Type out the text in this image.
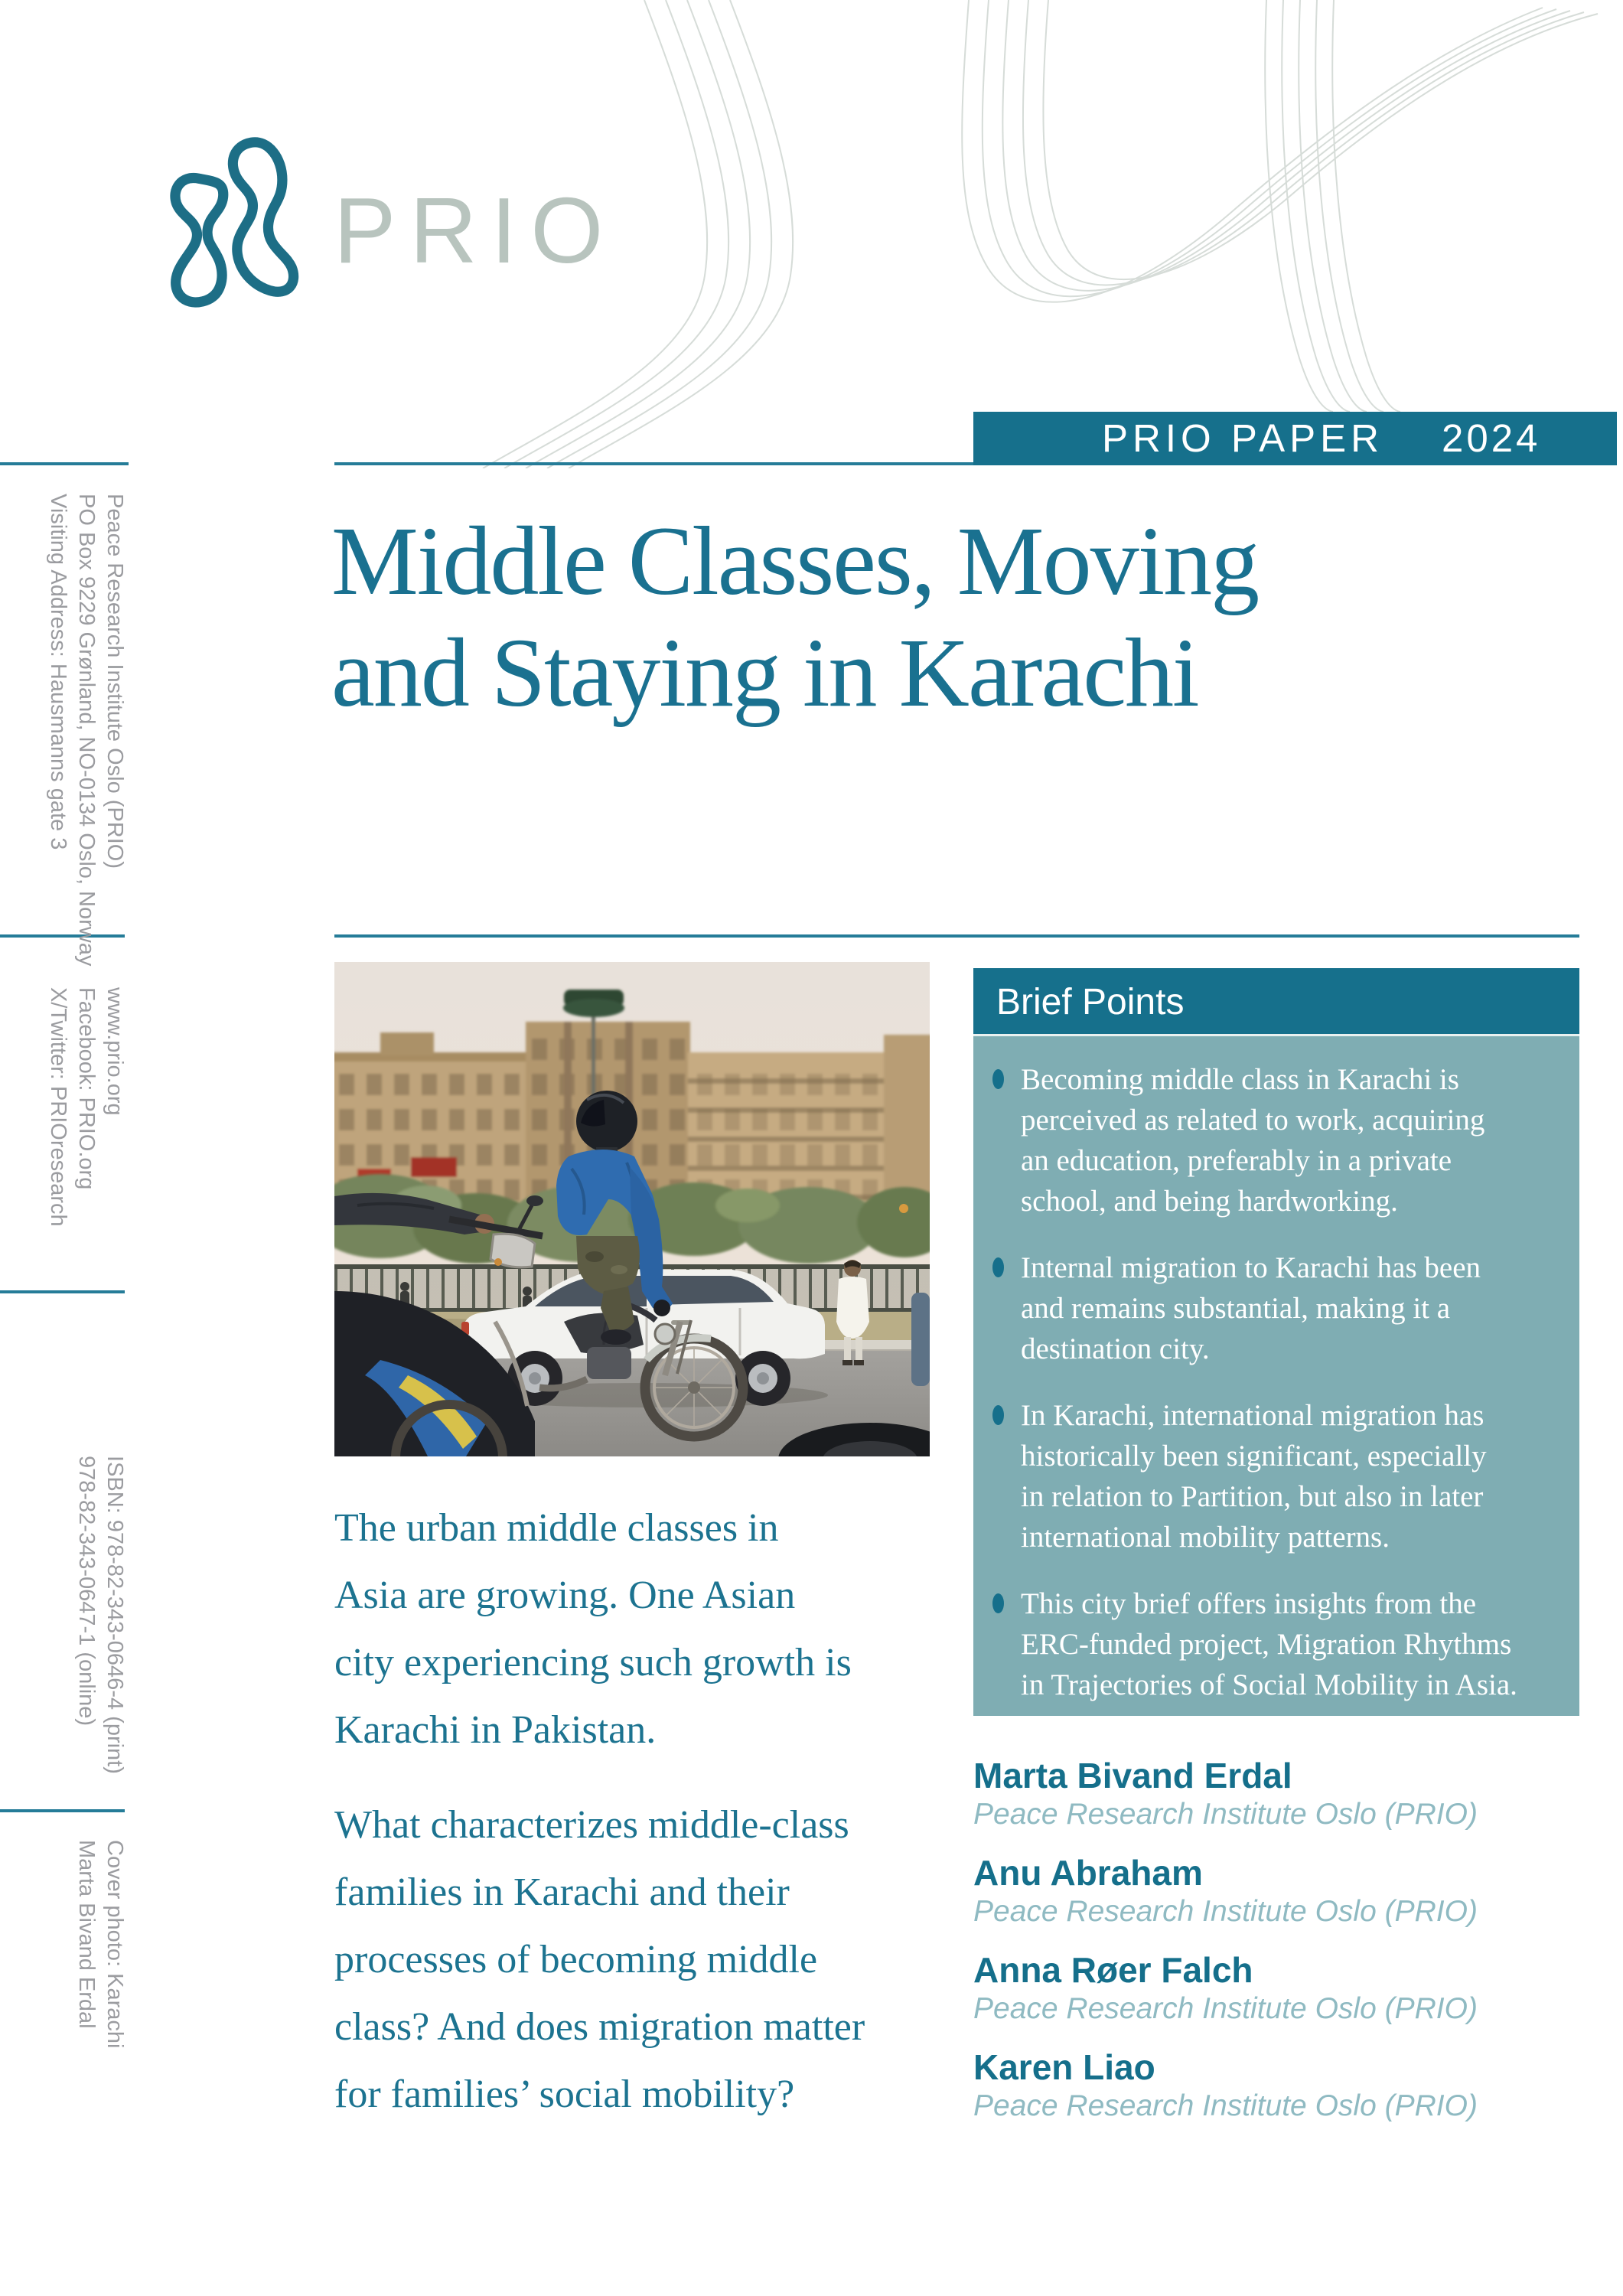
PRIO
PRIO PAPER 2024
Peace Research Institute Oslo (PRIO)
PO Box 9229 Grønland, NO-0134 Oslo, Norway
Visiting Address: Hausmanns gate 3
www.prio.org
Facebook: PRIO.org
X/Twitter: PRIOresearch
ISBN: 978-82-343-0646-4 (print)
978-82-343-0647-1 (online)
Cover photo: Karachi
Marta Bivand Erdal
Middle Classes, Moving
and Staying in Karachi
The urban middle classes in
Asia are growing. One Asian
city experiencing such growth is
Karachi in Pakistan.
What characterizes middle-class
families in Karachi and their
processes of becoming middle
class? And does migration matter
for families’ social mobility?
Brief Points
Becoming middle class in Karachi is
perceived as related to work, acquiring
an education, preferably in a private
school, and being hardworking.
Internal migration to Karachi has been
and remains substantial, making it a
destination city.
In Karachi, international migration has
historically been significant, especially
in relation to Partition, but also in later
international mobility patterns.
This city brief offers insights from the
ERC-funded project, Migration Rhythms
in Trajectories of Social Mobility in Asia.
Marta Bivand Erdal
Peace Research Institute Oslo (PRIO)
Anu Abraham
Peace Research Institute Oslo (PRIO)
Anna Røer Falch
Peace Research Institute Oslo (PRIO)
Karen Liao
Peace Research Institute Oslo (PRIO)
